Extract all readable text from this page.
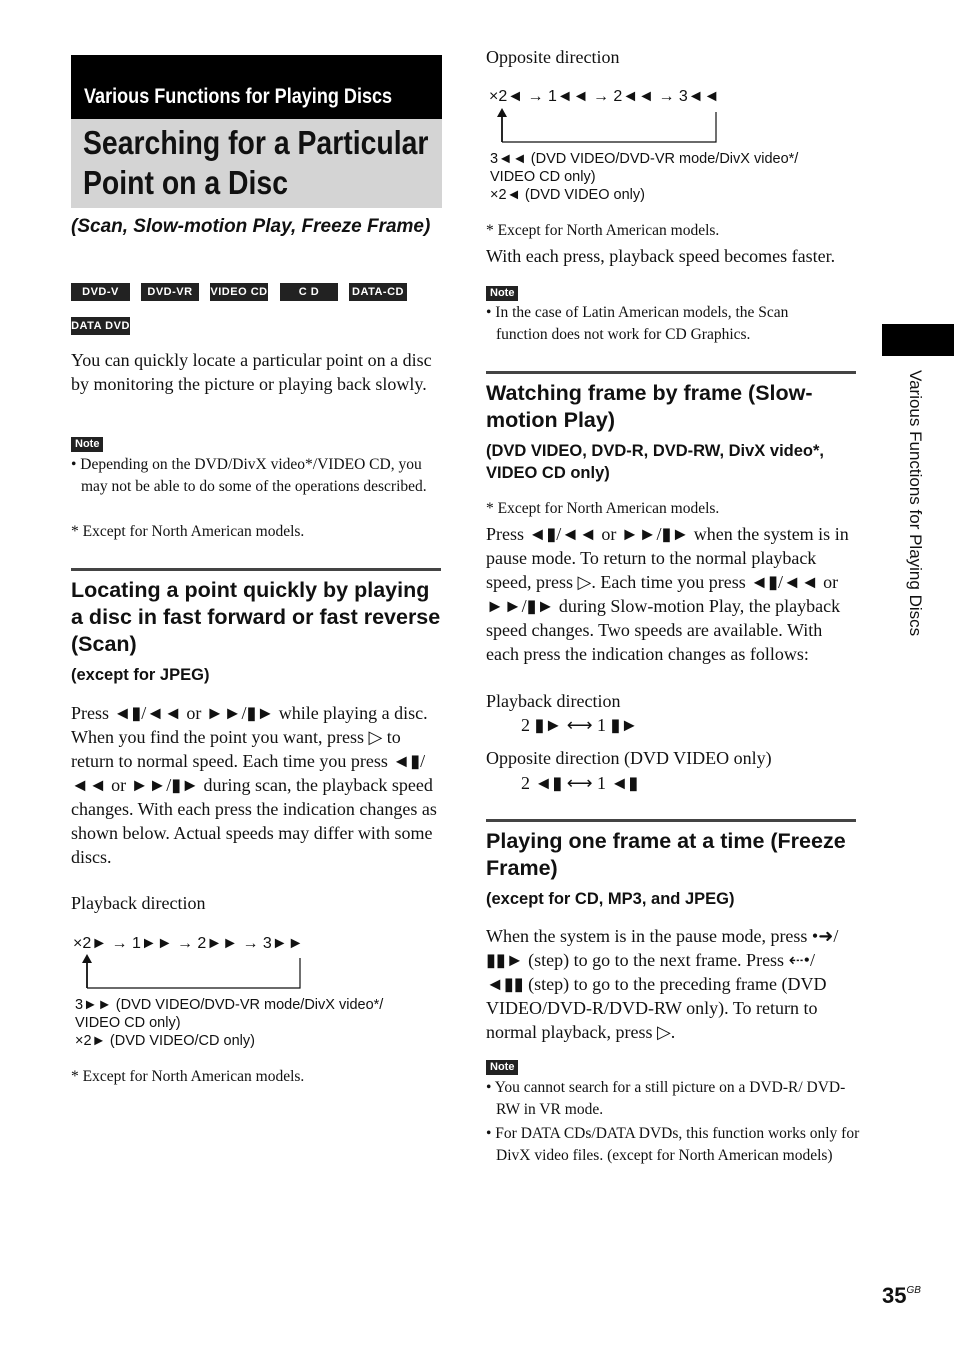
Various Functions for Playing Discs
Searching for a Particular
Point on a Disc
(Scan, Slow-motion Play, Freeze Frame)
DVD-V	DVD-VR	VIDEO CD	C D	DATA-CD
DATA DVD
You can quickly locate a particular point on a disc by monitoring the picture or playing back slowly.
Note
• Depending on the DVD/DivX video*/VIDEO CD, you may not be able to do some of the operations described.
* Except for North American models.
Locating a point quickly by playing a disc in fast forward or fast reverse (Scan)
(except for JPEG)
Press ◄▮/◄◄ or ►►/▮► while playing a disc. When you find the point you want, press ▷ to return to normal speed. Each time you press ◄▮/◄◄ or ►►/▮► during scan, the playback speed changes. With each press the indication changes as shown below. Actual speeds may differ with some discs.
Playback direction
×2► → 1►► → 2►► → 3►►
3►► (DVD VIDEO/DVD-VR mode/DivX video*/
VIDEO CD only)
×2► (DVD VIDEO/CD only)
* Except for North American models.
Opposite direction
×2◄ → 1◄◄ → 2◄◄ → 3◄◄
3◄◄ (DVD VIDEO/DVD-VR mode/DivX video*/
VIDEO CD only)
×2◄ (DVD VIDEO only)
* Except for North American models.
With each press, playback speed becomes faster.
Note
• In the case of Latin American models, the Scan function does not work for CD Graphics.
Watching frame by frame (Slow-motion Play)
(DVD VIDEO, DVD-R, DVD-RW, DivX video*, VIDEO CD only)
* Except for North American models.
Press ◄▮/◄◄ or ►►/▮► when the system is in pause mode. To return to the normal playback speed, press ▷. Each time you press ◄▮/◄◄ or ►►/▮► during Slow-motion Play, the playback speed changes. Two speeds are available. With each press the indication changes as follows:
Playback direction
2 ▮► ⟷ 1 ▮►
Opposite direction (DVD VIDEO only)
2 ◄▮ ⟷ 1 ◄▮
Playing one frame at a time (Freeze Frame)
(except for CD, MP3, and JPEG)
When the system is in the pause mode, press •➜/▮▮► (step) to go to the next frame. Press ⇠•/◄▮▮ (step) to go to the preceding frame (DVD VIDEO/DVD-R/DVD-RW only). To return to normal playback, press ▷.
Note
• You cannot search for a still picture on a DVD-R/ DVD-RW in VR mode.
• For DATA CDs/DATA DVDs, this function works only for DivX video files. (except for North American models)
Various Functions for Playing Discs
$35^{GB}$
